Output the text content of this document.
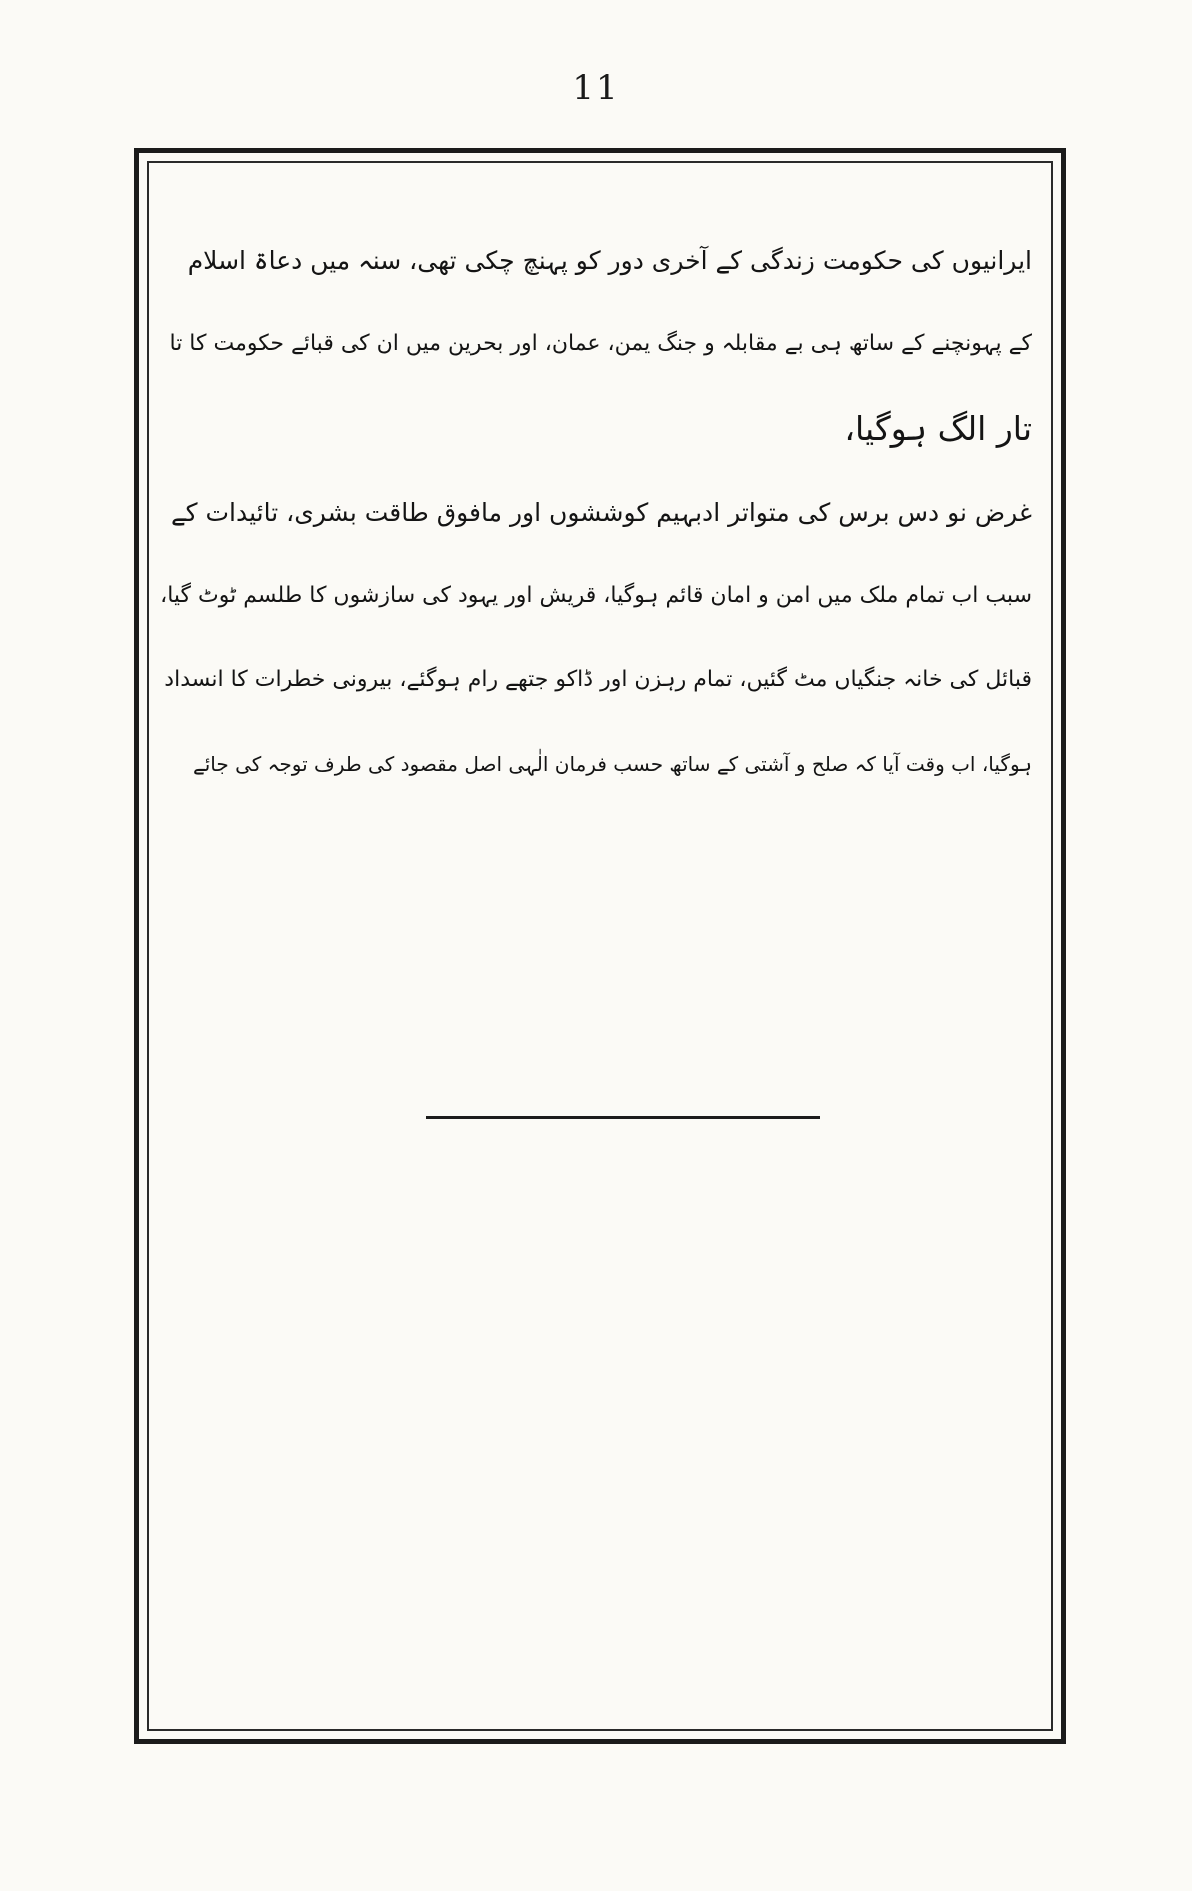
11
ایرانیوں کی حکومت زندگی کے آخری دور کو پہنچ چکی تھی، سنہ میں دعاۃ اسلام
کے پہونچنے کے ساتھ ہی بے مقابلہ و جنگ یمن، عمان، اور بحرین میں ان کی قبائے حکومت کا تا
تار الگ ہوگیا،
غرض نو دس برس کی متواتر ادبہیم کوششوں اور مافوق طاقت بشری، تائیدات کے
سبب اب تمام ملک میں امن و امان قائم ہوگیا، قریش اور یہود کی سازشوں کا طلسم ٹوٹ گیا،
قبائل کی خانہ جنگیاں مٹ گئیں، تمام رہزن اور ڈاکو جتھے رام ہوگئے، بیرونی خطرات کا انسداد
ہوگیا، اب وقت آیا کہ صلح و آشتی کے ساتھ حسب فرمان الٰہی اصل مقصود کی طرف توجہ کی جائے
